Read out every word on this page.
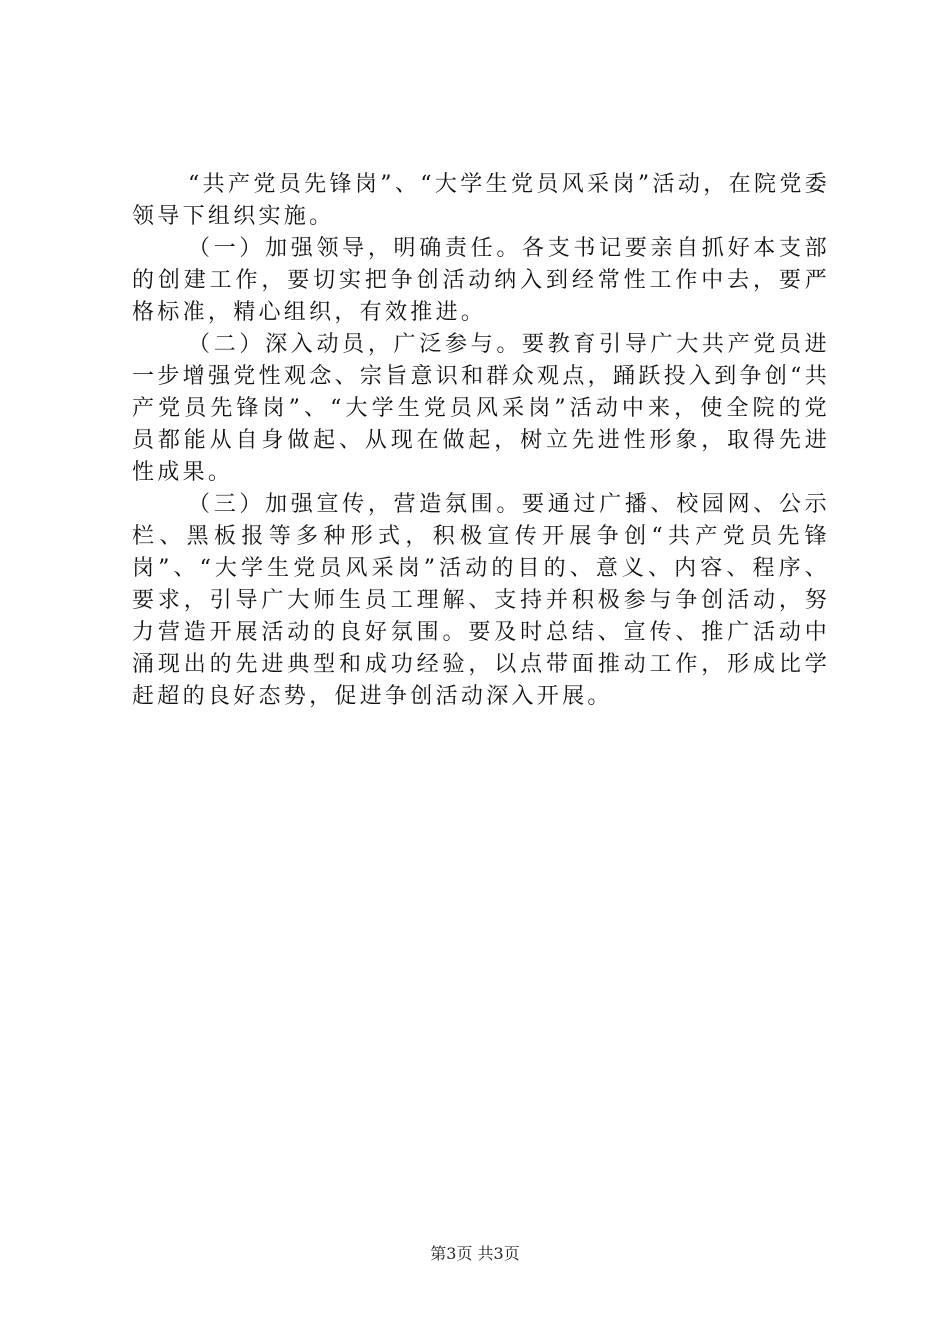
“共产党员先锋岗”、“大学生党员风采岗”活动，在院党委领导下组织实施。

（一）加强领导，明确责任。各支书记要亲自抓好本支部的创建工作，要切实把争创活动纳入到经常性工作中去，要严格标准，精心组织，有效推进。

（二）深入动员，广泛参与。要教育引导广大共产党员进一步增强党性观念、宗旨意识和群众观点，踊跃投入到争创“共产党员先锋岗”、“大学生党员风采岗”活动中来，使全院的党员都能从自身做起、从现在做起，树立先进性形象，取得先进性成果。

（三）加强宣传，营造氛围。要通过广播、校园网、公示栏、黑板报等多种形式，积极宣传开展争创“共产党员先锋岗”、“大学生党员风采岗”活动的目的、意义、内容、程序、要求，引导广大师生员工理解、支持并积极参与争创活动，努力营造开展活动的良好氛围。要及时总结、宣传、推广活动中涌现出的先进典型和成功经验，以点带面推动工作，形成比学赶超的良好态势，促进争创活动深入开展。

第3页 共3页
